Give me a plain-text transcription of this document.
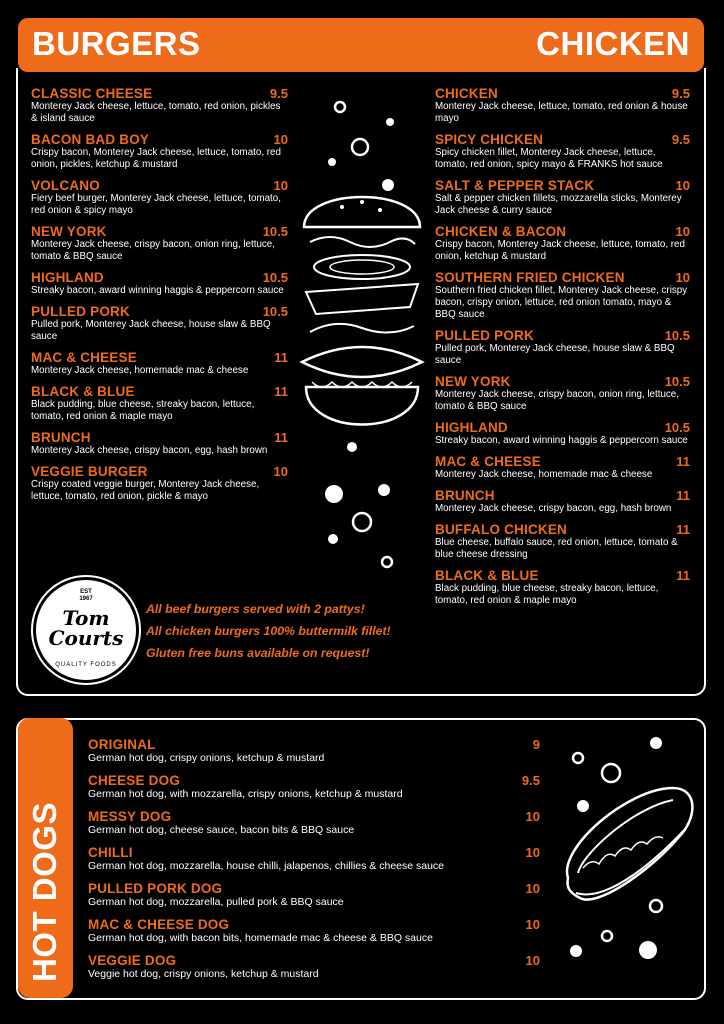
BURGERS	CHICKEN
CLASSIC CHEESE	9.5
Monterey Jack cheese, lettuce, tomato, red onion, pickles & island sauce
BACON BAD BOY	10
Crispy bacon, Monterey Jack cheese, lettuce, tomato, red onion, pickles, ketchup & mustard
VOLCANO	10
Fiery beef burger, Monterey Jack cheese, lettuce, tomato, red onion & spicy mayo
NEW YORK	10.5
Monterey Jack cheese, crispy bacon, onion ring, lettuce, tomato & BBQ sauce
HIGHLAND	10.5
Streaky bacon, award winning haggis & peppercorn sauce
PULLED PORK	10.5
Pulled pork, Monterey Jack cheese, house slaw & BBQ sauce
MAC & CHEESE	11
Monterey Jack cheese, homemade mac & cheese
BLACK & BLUE	11
Black pudding, blue cheese, streaky bacon, lettuce, tomato, red onion & maple mayo
BRUNCH	11
Monterey Jack cheese, crispy bacon, egg, hash brown
VEGGIE BURGER	10
Crispy coated veggie burger, Monterey Jack cheese, lettuce, tomato, red onion, pickle & mayo
CHICKEN	9.5
Monterey Jack cheese, lettuce, tomato, red onion & house mayo
SPICY CHICKEN	9.5
Spicy chicken fillet, Monterey Jack cheese, lettuce, tomato, red onion, spicy mayo & FRANKS hot sauce
SALT & PEPPER STACK	10
Salt & pepper chicken fillets, mozzarella sticks, Monterey Jack cheese & curry sauce
CHICKEN & BACON	10
Crispy bacon, Monterey Jack cheese, lettuce, tomato, red onion, ketchup & mustard
SOUTHERN FRIED CHICKEN	10
Southern fried chicken fillet, Monterey Jack cheese, crispy bacon, crispy onion, lettuce, red onion tomato, mayo & BBQ sauce
PULLED PORK	10.5
Pulled pork, Monterey Jack cheese, house slaw & BBQ sauce
NEW YORK	10.5
Monterey Jack cheese, crispy bacon, onion ring, lettuce, tomato & BBQ sauce
HIGHLAND	10.5
Streaky bacon, award winning haggis & peppercorn sauce
MAC & CHEESE	11
Monterey Jack cheese, homemade mac & cheese
BRUNCH	11
Monterey Jack cheese, crispy bacon, egg, hash brown
BUFFALO CHICKEN	11
Blue cheese, buffalo sauce, red onion, lettuce, tomato & blue cheese dressing
BLACK & BLUE	11
Black pudding, blue cheese, streaky bacon, lettuce, tomato, red onion & maple mayo
EST
1967
Tom Courts
QUALITY FOODS
All beef burgers served with 2 pattys!
All chicken burgers 100% buttermilk fillet!
Gluten free buns available on request!
HOT DOGS
ORIGINAL	9
German hot dog, crispy onions, ketchup & mustard
CHEESE DOG	9.5
German hot dog, with mozzarella, crispy onions, ketchup & mustard
MESSY DOG	10
German hot dog, cheese sauce, bacon bits & BBQ sauce
CHILLI	10
German hot dog, mozzarella, house chilli, jalapenos, chillies & cheese sauce
PULLED PORK DOG	10
German hot dog, mozzarella, pulled pork & BBQ sauce
MAC & CHEESE DOG	10
German hot dog, with bacon bits, homemade mac & cheese & BBQ sauce
VEGGIE DOG	10
Veggie hot dog, crispy onions, ketchup & mustard
